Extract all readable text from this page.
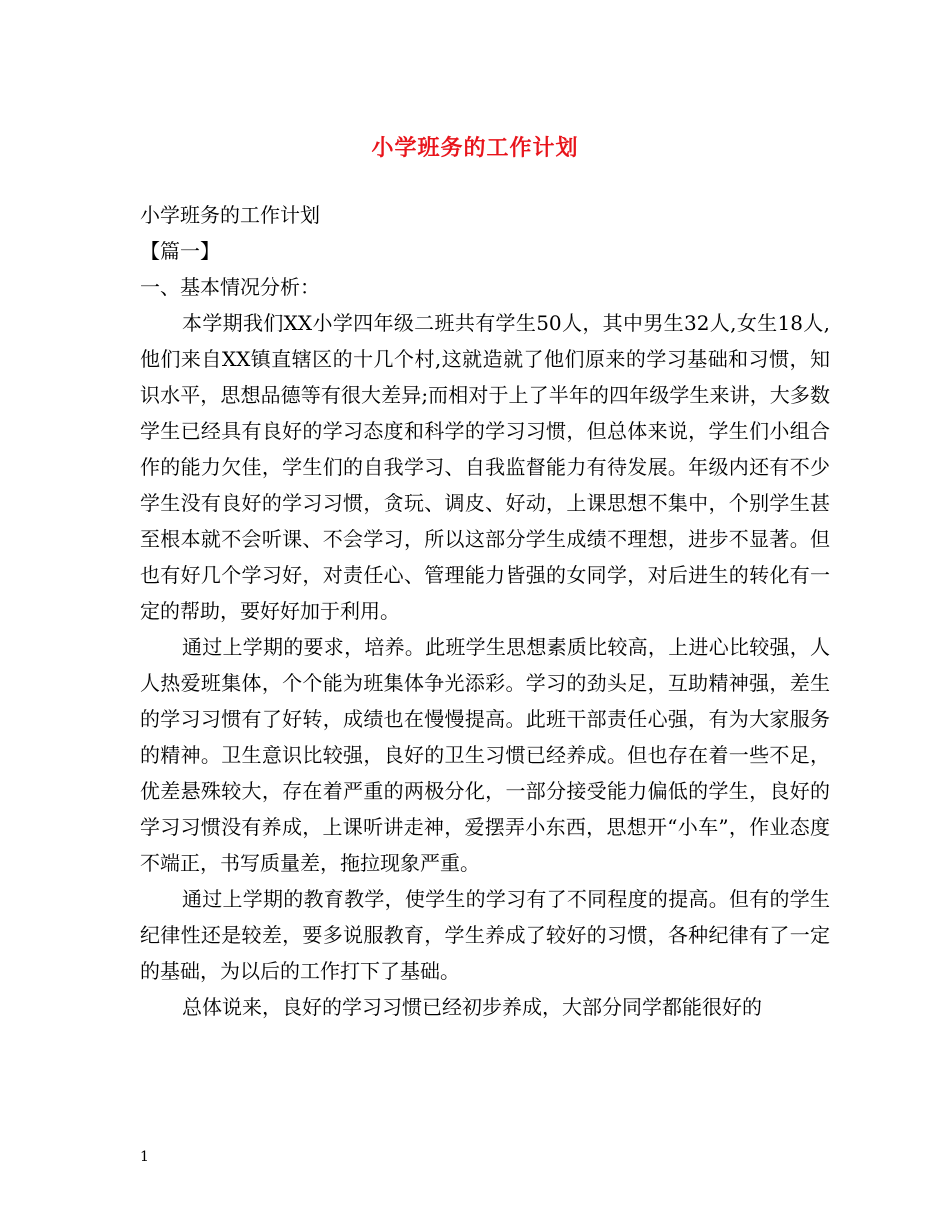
小学班务的工作计划

小学班务的工作计划

【篇一】

一、基本情况分析：

本学期我们XX小学四年级二班共有学生50人，其中男生32人,女生18人,他们来自XX镇直辖区的十几个村,这就造就了他们原来的学习基础和习惯，知识水平，思想品德等有很大差异;而相对于上了半年的四年级学生来讲，大多数学生已经具有良好的学习态度和科学的学习习惯，但总体来说，学生们小组合作的能力欠佳，学生们的自我学习、自我监督能力有待发展。年级内还有不少学生没有良好的学习习惯，贪玩、调皮、好动，上课思想不集中，个别学生甚至根本就不会听课、不会学习，所以这部分学生成绩不理想，进步不显著。但也有好几个学习好，对责任心、管理能力皆强的女同学，对后进生的转化有一定的帮助，要好好加于利用。

通过上学期的要求，培养。此班学生思想素质比较高，上进心比较强，人人热爱班集体，个个能为班集体争光添彩。学习的劲头足，互助精神强，差生的学习习惯有了好转，成绩也在慢慢提高。此班干部责任心强，有为大家服务的精神。卫生意识比较强，良好的卫生习惯已经养成。但也存在着一些不足，优差悬殊较大，存在着严重的两极分化，一部分接受能力偏低的学生，良好的学习习惯没有养成，上课听讲走神，爱摆弄小东西，思想开“小车”，作业态度不端正，书写质量差，拖拉现象严重。

通过上学期的教育教学，使学生的学习有了不同程度的提高。但有的学生纪律性还是较差，要多说服教育，学生养成了较好的习惯，各种纪律有了一定的基础，为以后的工作打下了基础。

总体说来，良好的学习习惯已经初步养成，大部分同学都能很好的

1
